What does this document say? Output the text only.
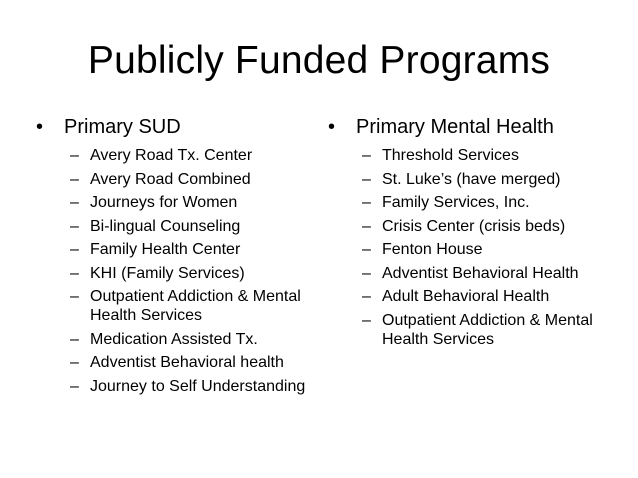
Publicly Funded Programs
• Primary SUD
– Avery Road Tx. Center
– Avery Road Combined
– Journeys for Women
– Bi-lingual Counseling
– Family Health Center
– KHI (Family Services)
– Outpatient Addiction & Mental Health Services
– Medication Assisted Tx.
– Adventist Behavioral health
– Journey to Self Understanding
• Primary Mental Health
– Threshold Services
– St. Luke’s (have merged)
– Family Services, Inc.
– Crisis Center (crisis beds)
– Fenton House
– Adventist Behavioral Health
– Adult Behavioral Health
– Outpatient Addiction & Mental Health Services
